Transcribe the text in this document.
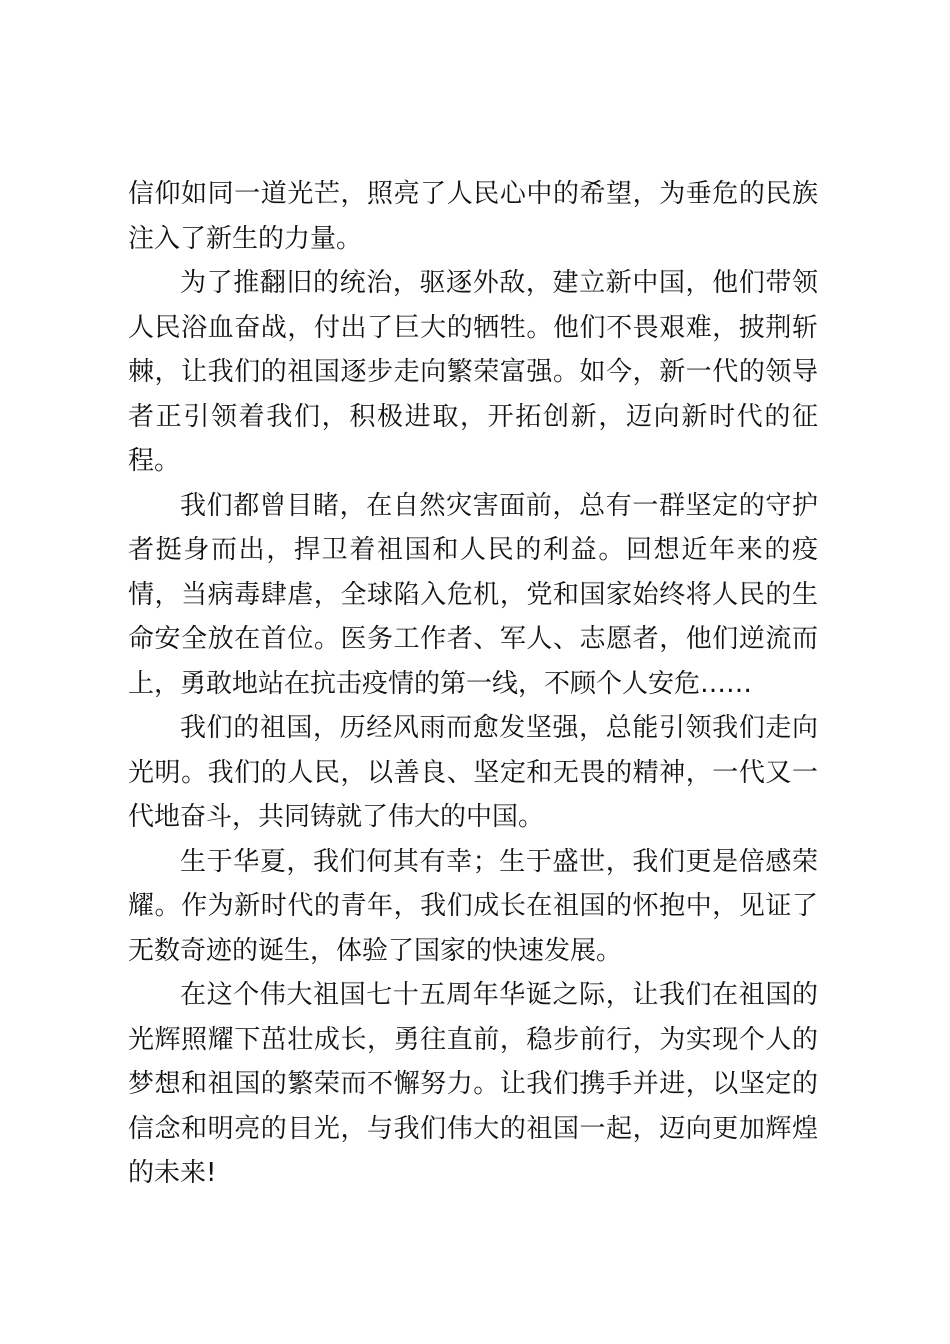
信仰如同一道光芒，照亮了人民心中的希望，为垂危的民族注入了新生的力量。

为了推翻旧的统治，驱逐外敌，建立新中国，他们带领人民浴血奋战，付出了巨大的牺牲。他们不畏艰难，披荆斩棘，让我们的祖国逐步走向繁荣富强。如今，新一代的领导者正引领着我们，积极进取，开拓创新，迈向新时代的征程。

我们都曾目睹，在自然灾害面前，总有一群坚定的守护者挺身而出，捍卫着祖国和人民的利益。回想近年来的疫情，当病毒肆虐，全球陷入危机，党和国家始终将人民的生命安全放在首位。医务工作者、军人、志愿者，他们逆流而上，勇敢地站在抗击疫情的第一线，不顾个人安危……

我们的祖国，历经风雨而愈发坚强，总能引领我们走向光明。我们的人民，以善良、坚定和无畏的精神，一代又一代地奋斗，共同铸就了伟大的中国。

生于华夏，我们何其有幸；生于盛世，我们更是倍感荣耀。作为新时代的青年，我们成长在祖国的怀抱中，见证了无数奇迹的诞生，体验了国家的快速发展。

在这个伟大祖国七十五周年华诞之际，让我们在祖国的光辉照耀下茁壮成长，勇往直前，稳步前行，为实现个人的梦想和祖国的繁荣而不懈努力。让我们携手并进，以坚定的信念和明亮的目光，与我们伟大的祖国一起，迈向更加辉煌的未来!
